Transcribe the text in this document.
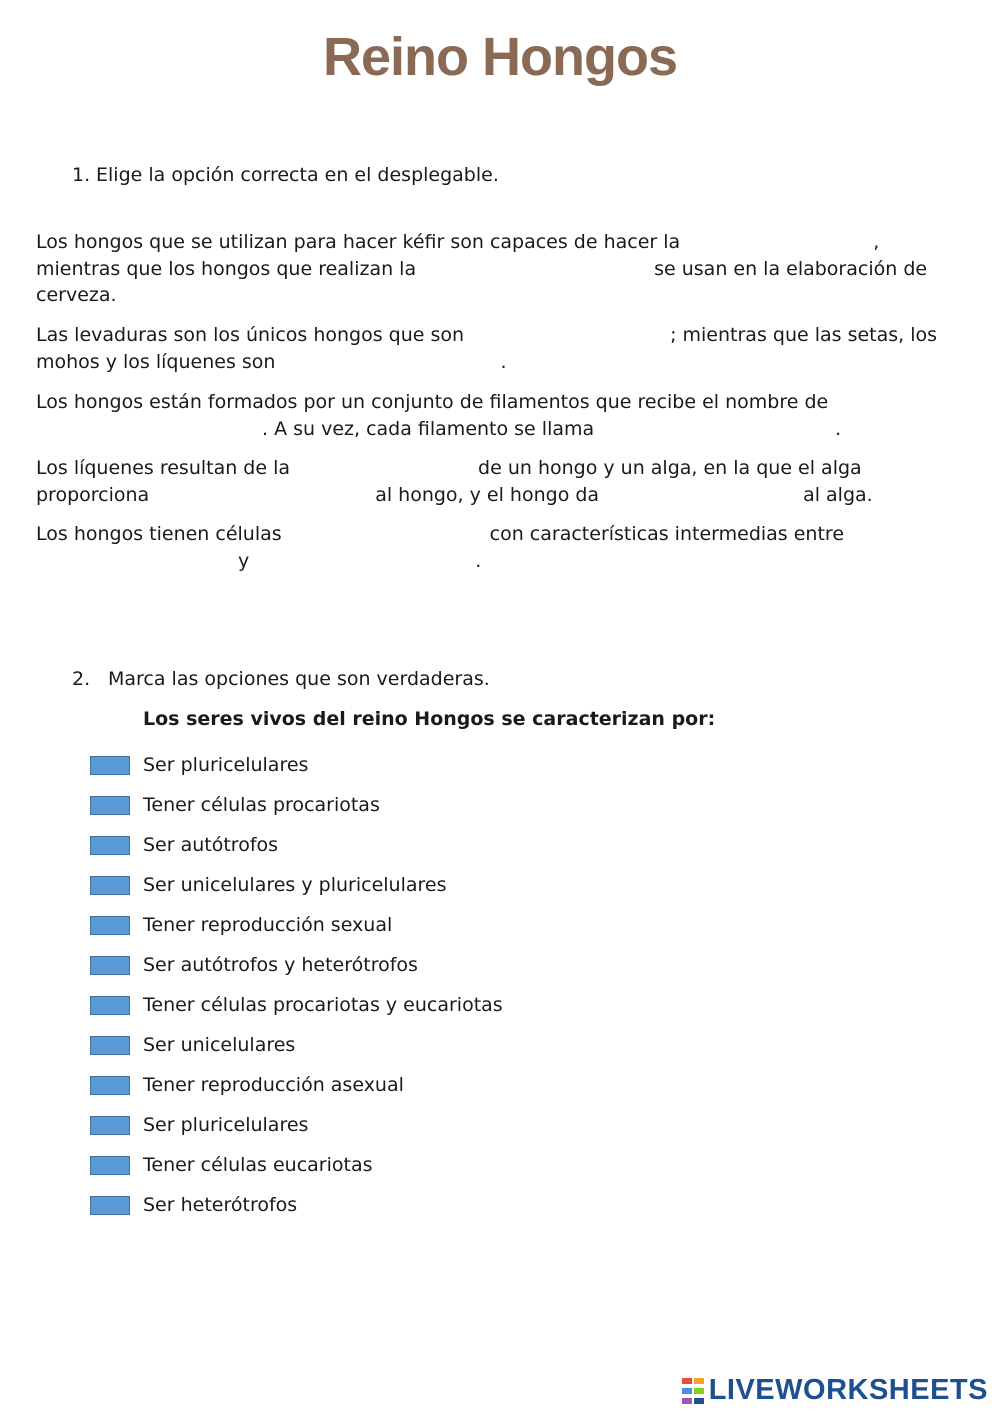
Reino Hongos
1. Elige la opción correcta en el desplegable.
Los hongos que se utilizan para hacer kéfir son capaces de hacer la	,
mientras que los hongos que realizan la	se usan en la elaboración de cerveza.
Las levaduras son los únicos hongos que son	; mientras que las setas, los mohos y los líquenes son	.
Los hongos están formados por un conjunto de filamentos que recibe el nombre de
. A su vez, cada filamento se llama	.
Los líquenes resultan de la	de un hongo y un alga, en la que el alga proporciona	al hongo, y el hongo da	al alga.
Los hongos tienen células	con características intermedias entre
y	.
2. Marca las opciones que son verdaderas.
Los seres vivos del reino Hongos se caracterizan por:
Ser pluricelulares
Tener células procariotas
Ser autótrofos
Ser unicelulares y pluricelulares
Tener reproducción sexual
Ser autótrofos y heterótrofos
Tener células procariotas y eucariotas
Ser unicelulares
Tener reproducción asexual
Ser pluricelulares
Tener células eucariotas
Ser heterótrofos
LIVEWORKSHEETS
